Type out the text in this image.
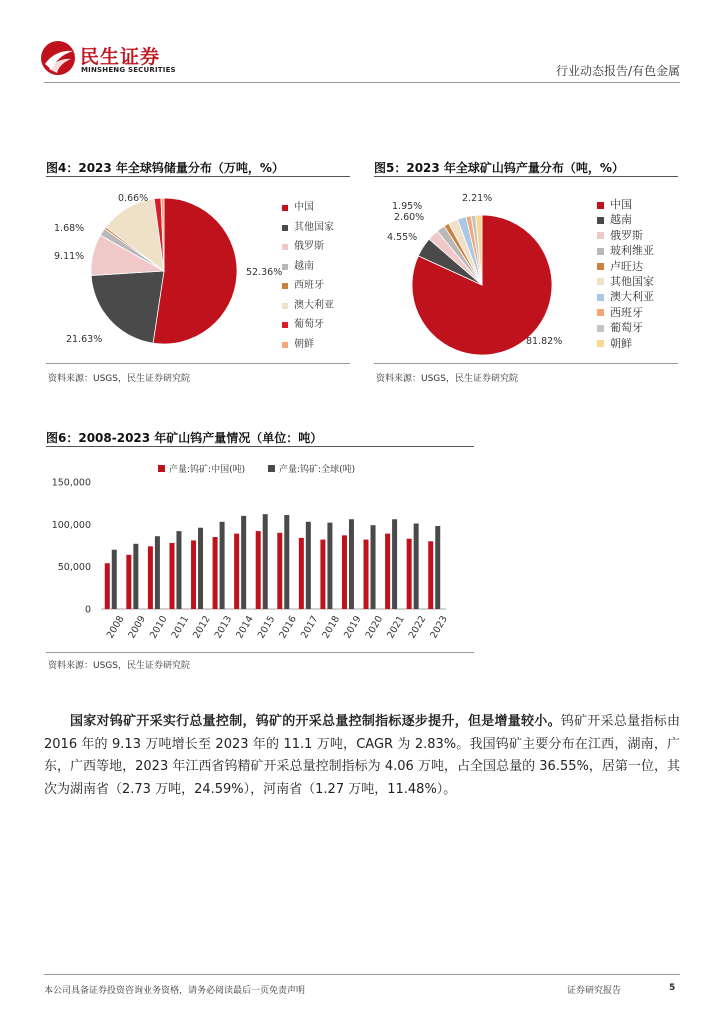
民生证券
MINSHENG SECURITIES	行业动态报告/有色金属
图4：2023 年全球钨储量分布（万吨，%）
52.36%
21.63%
9.11%
1.68%
0.66%
中国
其他国家
俄罗斯
越南
西班牙
澳大利亚
葡萄牙
朝鲜
资料来源：USGS，民生证券研究院
图5：2023 年全球矿山钨产量分布（吨，%）
81.82%
4.55%
2.60%
1.95%
2.21%	中国
越南
俄罗斯
玻利维亚
卢旺达
其他国家
澳大利亚
西班牙
葡萄牙
朝鲜
资料来源：USGS，民生证券研究院
图6：2008-2023 年矿山钨产量情况（单位：吨）
产量:钨矿:中国(吨)	产量:钨矿:全球(吨)
0
50,000
100,000
150,000
2008 2009 2010 2011 2012 2013 2014 2015 2016 2017 2018 2019 2020 2021 2022 2023
资料来源：USGS，民生证券研究院
国家对钨矿开采实行总量控制，钨矿的开采总量控制指标逐步提升，但是增量较小。钨矿开采总量指标由 2016 年的 9.13 万吨增长至 2023 年的 11.1 万吨，CAGR 为 2.83%。我国钨矿主要分布在江西，湖南，广东，广西等地，2023 年江西省钨精矿开采总量控制指标为 4.06 万吨，占全国总量的 36.55%，居第一位，其次为湖南省（2.73 万吨，24.59%），河南省（1.27 万吨，11.48%）。
本公司具备证券投资咨询业务资格，请务必阅读最后一页免责声明	证券研究报告	5
